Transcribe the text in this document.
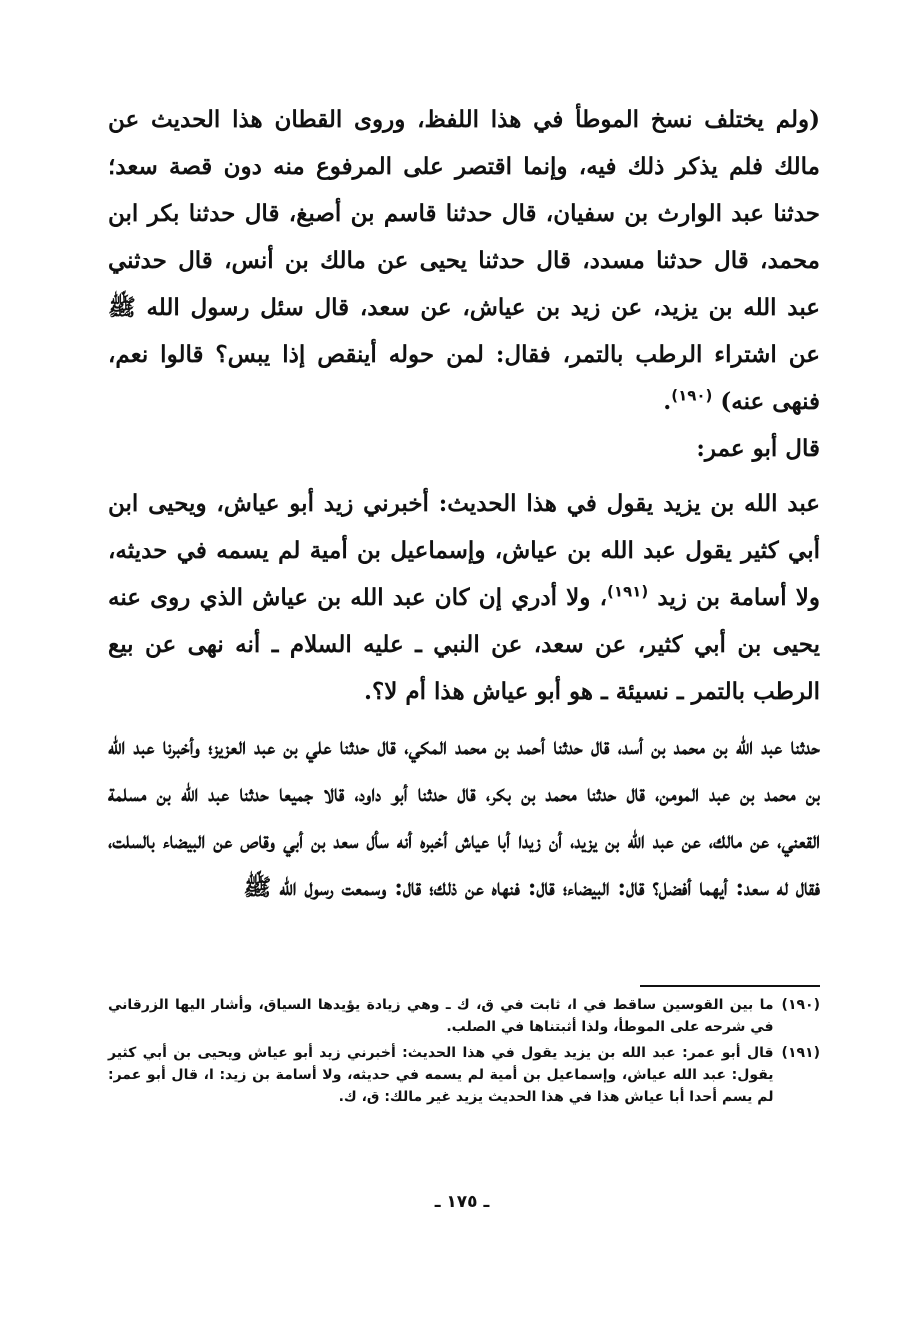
(ولم يختلف نسخ الموطأ في هذا اللفظ، وروى القطان هذا الحديث عن مالك فلم يذكر ذلك فيه، وإنما اقتصر على المرفوع منه دون قصة سعد؛ حدثنا عبد الوارث بن سفيان، قال حدثنا قاسم بن أصبغ، قال حدثنا بكر ابن محمد، قال حدثنا مسدد، قال حدثنا يحيى عن مالك بن أنس، قال حدثني عبد الله بن يزيد، عن زيد بن عياش، عن سعد، قال سئل رسول الله ﷺ عن اشتراء الرطب بالتمر، فقال: لمن حوله أينقص إذا يبس؟ قالوا نعم، فنهى عنه) $^{(١٩٠)}$.

قال أبو عمر:

عبد الله بن يزيد يقول في هذا الحديث: أخبرني زيد أبو عياش، ويحيى ابن أبي كثير يقول عبد الله بن عياش، وإسماعيل بن أمية لم يسمه في حديثه، ولا أسامة بن زيد $^{(١٩١)}$، ولا أدري إن كان عبد الله بن عياش الذي روى عنه يحيى بن أبي كثير، عن سعد، عن النبي ـ عليه السلام ـ أنه نهى عن بيع الرطب بالتمر ـ نسيئة ـ هو أبو عياش هذا أم لا؟.

حدثنا عبد الله بن محمد بن أسد، قال حدثنا أحمد بن محمد المكي، قال حدثنا علي بن عبد العزيز؛ وأخبرنا عبد الله بن محمد بن عبد المومن، قال حدثنا محمد بن بكر، قال حدثنا أبو داود، قالا جميعا حدثنا عبد الله بن مسلمة القعني، عن مالك، عن عبد الله بن يزيد، أن زيدا أبا عياش أخبره أنه سأل سعد بن أبي وقاص عن البيضاء بالسلت، فقال له سعد: أيهما أفضل؟ قال: البيضاء؛ قال: فنهاه عن ذلك؛ قال: وسمعت رسول الله ﷺ

(١٩٠)
ما بين القوسين ساقط في ا، ثابت في ق، ك ـ وهي زيادة يؤيدها السياق، وأشار اليها الزرقاني في شرحه على الموطأ، ولذا أثبتناها في الصلب.
(١٩١)
قال أبو عمر: عبد الله بن يزيد يقول في هذا الحديث: أخبرني زيد أبو عياش ويحيى بن أبي كثير يقول: عبد الله عياش، وإسماعيل بن أمية لم يسمه في حديثه، ولا أسامة بن زيد: ا، قال أبو عمر: لم يسم أحدا أبا عياش هذا في هذا الحديث يزيد غير مالك: ق، ك.
ـ ١٧٥ ـ
